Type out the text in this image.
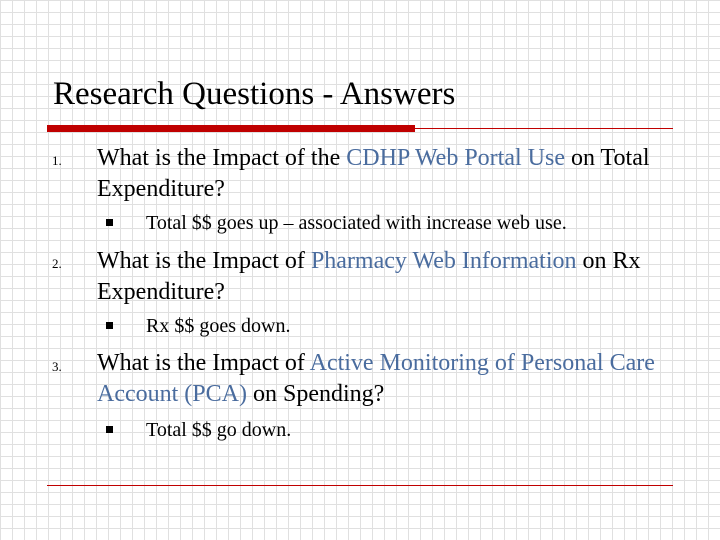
Research Questions - Answers
1. What is the Impact of the CDHP Web Portal Use on Total Expenditure?
Total $$ goes up – associated with increase web use.
2. What is the Impact of Pharmacy Web Information on Rx Expenditure?
Rx $$ goes down.
3. What is the Impact of Active Monitoring of Personal Care Account (PCA) on Spending?
Total $$ go down.
